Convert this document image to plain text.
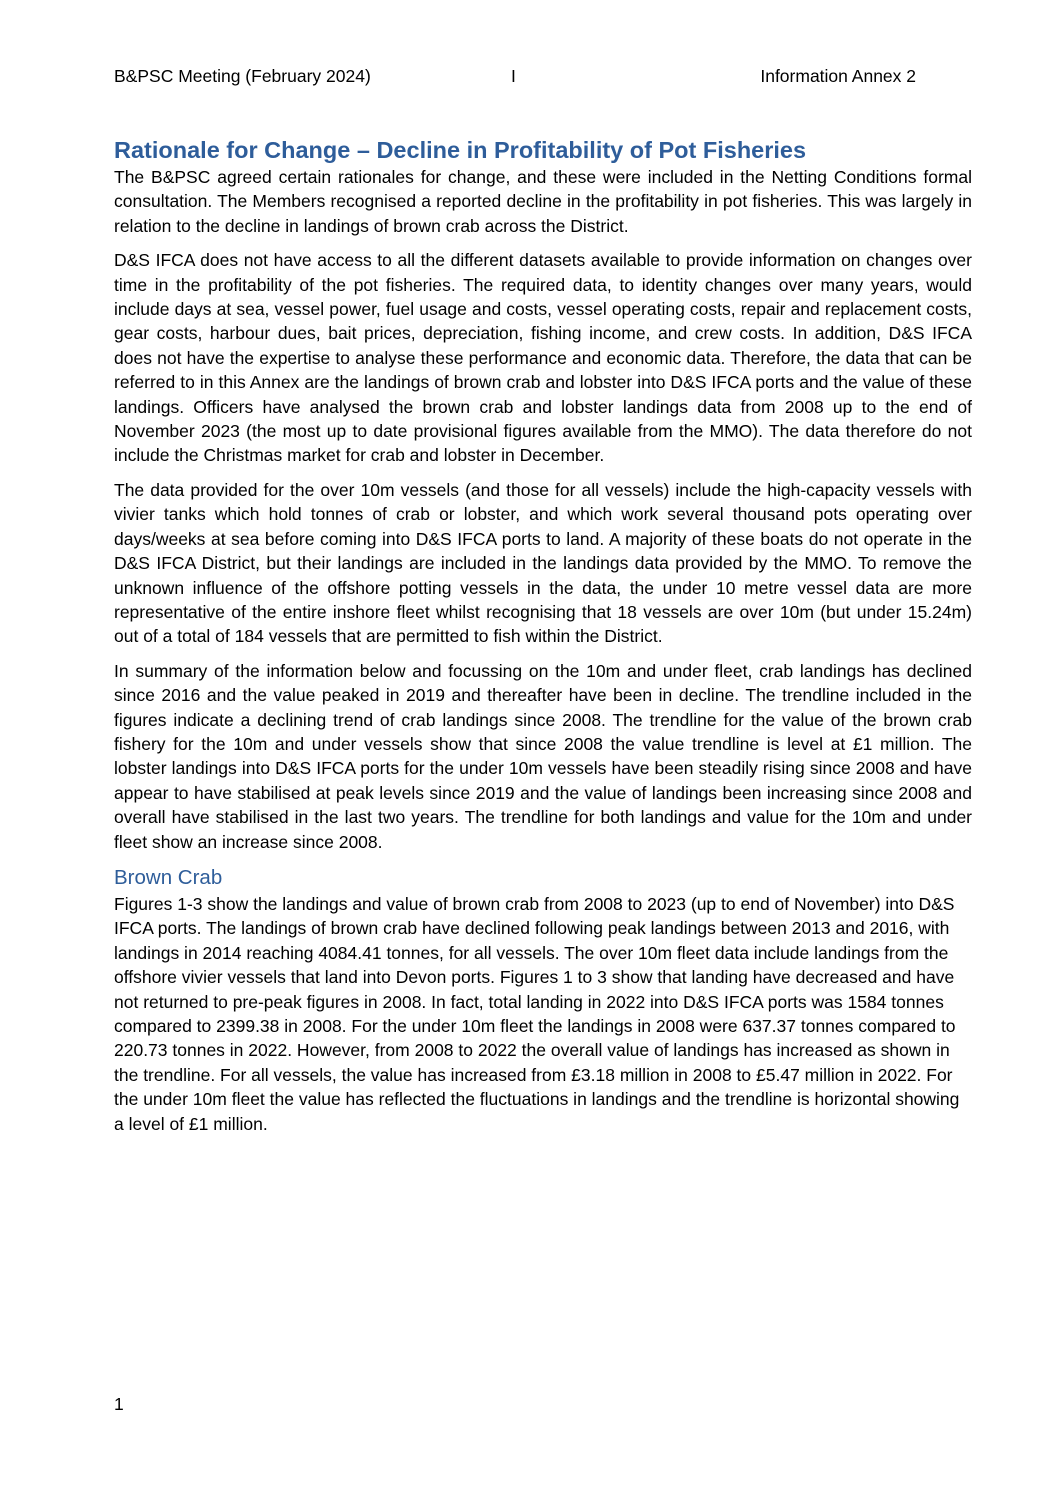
B&PSC Meeting (February 2024)	I	Information Annex 2
Rationale for Change – Decline in Profitability of Pot Fisheries

The B&PSC agreed certain rationales for change, and these were included in the Netting Conditions formal consultation. The Members recognised a reported decline in the profitability in pot fisheries. This was largely in relation to the decline in landings of brown crab across the District.

D&S IFCA does not have access to all the different datasets available to provide information on changes over time in the profitability of the pot fisheries. The required data, to identity changes over many years, would include days at sea, vessel power, fuel usage and costs, vessel operating costs, repair and replacement costs, gear costs, harbour dues, bait prices, depreciation, fishing income, and crew costs. In addition, D&S IFCA does not have the expertise to analyse these performance and economic data. Therefore, the data that can be referred to in this Annex are the landings of brown crab and lobster into D&S IFCA ports and the value of these landings. Officers have analysed the brown crab and lobster landings data from 2008 up to the end of November 2023 (the most up to date provisional figures available from the MMO). The data therefore do not include the Christmas market for crab and lobster in December.

The data provided for the over 10m vessels (and those for all vessels) include the high-capacity vessels with vivier tanks which hold tonnes of crab or lobster, and which work several thousand pots operating over days/weeks at sea before coming into D&S IFCA ports to land. A majority of these boats do not operate in the D&S IFCA District, but their landings are included in the landings data provided by the MMO. To remove the unknown influence of the offshore potting vessels in the data, the under 10 metre vessel data are more representative of the entire inshore fleet whilst recognising that 18 vessels are over 10m (but under 15.24m) out of a total of 184 vessels that are permitted to fish within the District.

In summary of the information below and focussing on the 10m and under fleet, crab landings has declined since 2016 and the value peaked in 2019 and thereafter have been in decline. The trendline included in the figures indicate a declining trend of crab landings since 2008. The trendline for the value of the brown crab fishery for the 10m and under vessels show that since 2008 the value trendline is level at £1 million. The lobster landings into D&S IFCA ports for the under 10m vessels have been steadily rising since 2008 and have appear to have stabilised at peak levels since 2019 and the value of landings been increasing since 2008 and overall have stabilised in the last two years. The trendline for both landings and value for the 10m and under fleet show an increase since 2008.

Brown Crab

Figures 1-3 show the landings and value of brown crab from 2008 to 2023 (up to end of November) into D&S IFCA ports. The landings of brown crab have declined following peak landings between 2013 and 2016, with landings in 2014 reaching 4084.41 tonnes, for all vessels. The over 10m fleet data include landings from the offshore vivier vessels that land into Devon ports. Figures 1 to 3 show that landing have decreased and have not returned to pre-peak figures in 2008. In fact, total landing in 2022 into D&S IFCA ports was 1584 tonnes compared to 2399.38 in 2008. For the under 10m fleet the landings in 2008 were 637.37 tonnes compared to 220.73 tonnes in 2022. However, from 2008 to 2022 the overall value of landings has increased as shown in the trendline. For all vessels, the value has increased from £3.18 million in 2008 to £5.47 million in 2022. For the under 10m fleet the value has reflected the fluctuations in landings and the trendline is horizontal showing a level of £1 million.

1
